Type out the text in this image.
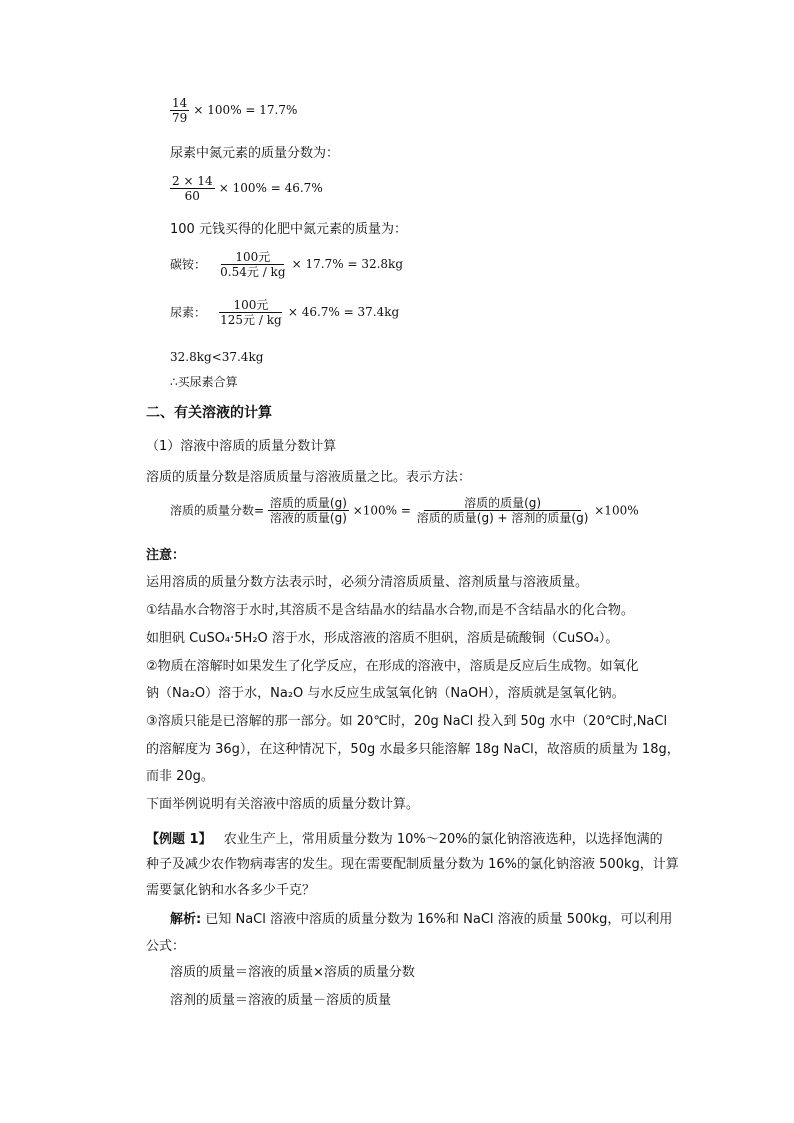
$\frac{14}{79} \times 100\% = 17.7\%$
尿素中氮元素的质量分数为：
$\frac{2 \times 14}{60} \times 100\% = 46.7\%$
100 元钱买得的化肥中氮元素的质量为：
碳铵： $\frac{\text{100元}}{\text{0.54元 / kg}} \times 17.7\% = 32.8kg$
尿素： $\frac{\text{100元}}{\text{125元 / kg}} \times 46.7\% = 37.4kg$
32.8kg<37.4kg
∴买尿素合算
二、有关溶液的计算
（1）溶液中溶质的质量分数计算
溶质的质量分数是溶质质量与溶液质量之比。表示方法：
溶质的质量分数= $\frac{\text{溶质的质量(g)}}{\text{溶液的质量(g)}} \times 100\% = \frac{\text{溶质的质量(g)}}{\text{溶质的质量(g) + 溶剂的质量(g)}} \times 100\%$
注意：
运用溶质的质量分数方法表示时，必须分清溶质质量、溶剂质量与溶液质量。
①结晶水合物溶于水时,其溶质不是含结晶水的结晶水合物,而是不含结晶水的化合物。
如胆矾 CuSO₄·5H₂O 溶于水，形成溶液的溶质不胆矾，溶质是硫酸铜（CuSO₄）。
②物质在溶解时如果发生了化学反应，在形成的溶液中，溶质是反应后生成物。如氧化
钠（Na₂O）溶于水，Na₂O 与水反应生成氢氧化钠（NaOH），溶质就是氢氧化钠。
③溶质只能是已溶解的那一部分。如 20℃时，20g NaCl 投入到 50g 水中（20℃时,NaCl
的溶解度为 36g），在这种情况下，50g 水最多只能溶解 18g NaCl，故溶质的质量为 18g，
而非 20g。
下面举例说明有关溶液中溶质的质量分数计算。
【例题 1】 农业生产上，常用质量分数为 10%～20%的氯化钠溶液选种，以选择饱满的
种子及减少农作物病毒害的发生。现在需要配制质量分数为 16%的氯化钠溶液 500kg，计算
需要氯化钠和水各多少千克？
解析: 已知 NaCl 溶液中溶质的质量分数为 16%和 NaCl 溶液的质量 500kg，可以利用
公式：
溶质的质量＝溶液的质量×溶质的质量分数
溶剂的质量＝溶液的质量－溶质的质量
